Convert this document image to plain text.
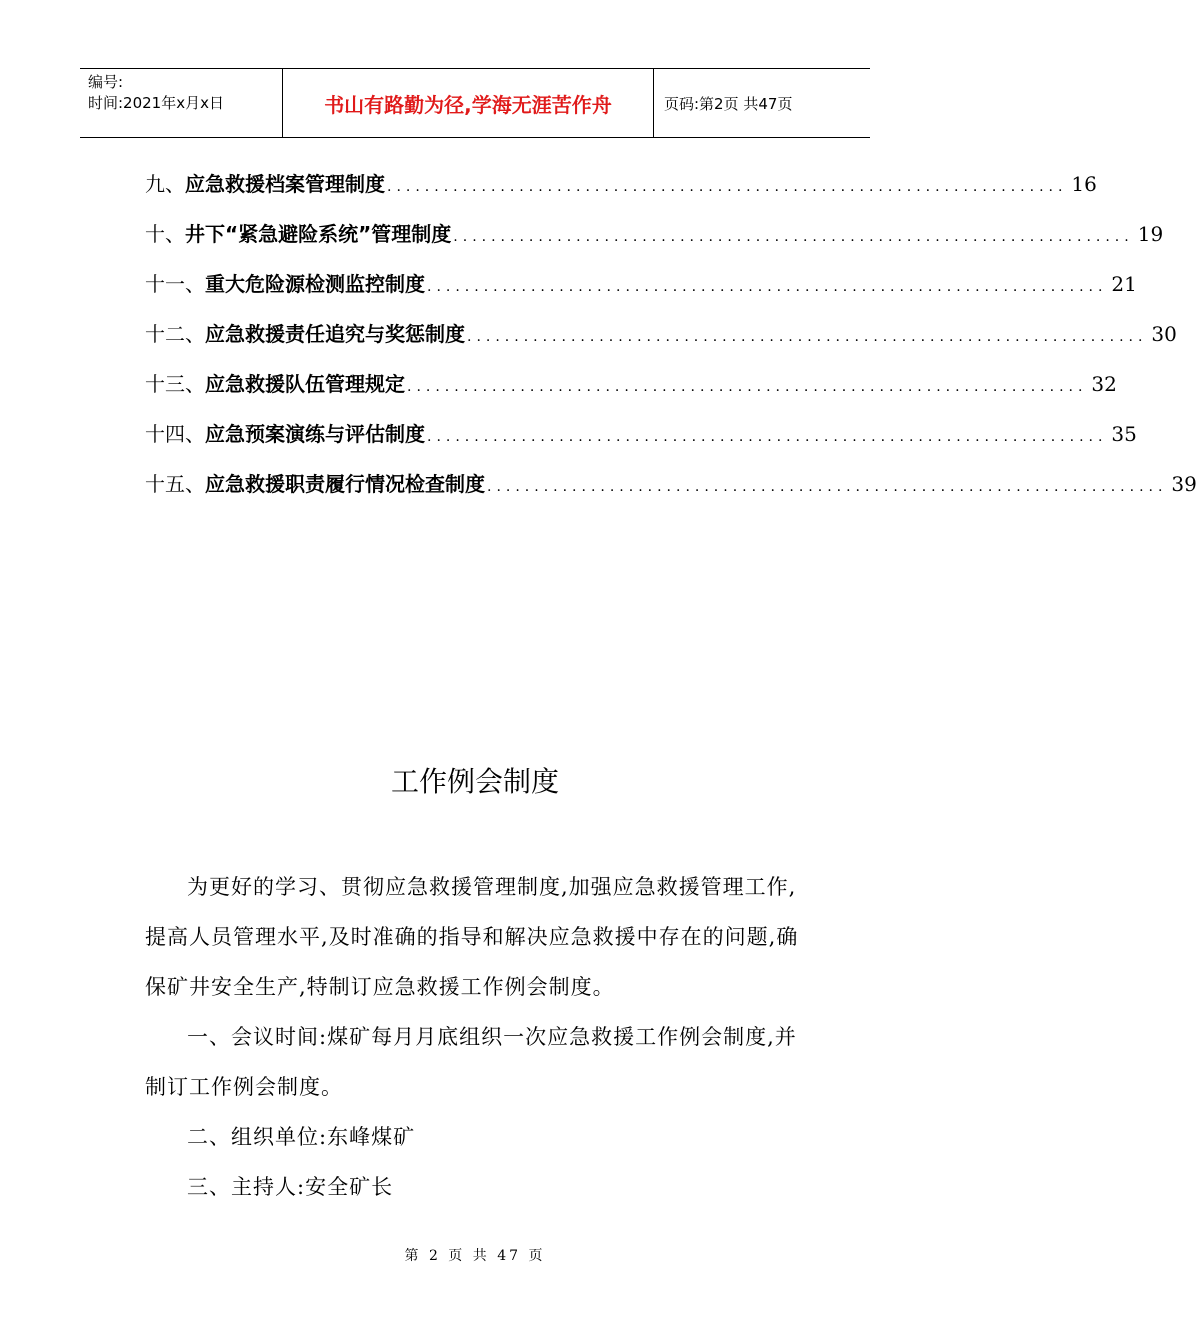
编号:
时间:2021年x月x日	书山有路勤为径,学海无涯苦作舟	页码:第2页 共47页
九、 应急救援档案管理制度 ........................................................................ 16
十、 井下“紧急避险系统”管理制度 ........................................................................ 19
十一、 重大危险源检测监控制度 ........................................................................ 21
十二、 应急救援责任追究与奖惩制度 ........................................................................ 30
十三、 应急救援队伍管理规定 ........................................................................ 32
十四、 应急预案演练与评估制度 ........................................................................ 35
十五、 应急救援职责履行情况检查制度 ........................................................................ 39
工作例会制度

为更好的学习、贯彻应急救援管理制度,加强应急救援管理工作,提高人员管理水平,及时准确的指导和解决应急救援中存在的问题,确保矿井安全生产,特制订应急救援工作例会制度。

一、会议时间:煤矿每月月底组织一次应急救援工作例会制度,并制订工作例会制度。

二、组织单位:东峰煤矿

三、主持人:安全矿长

第 2 页 共 47 页
